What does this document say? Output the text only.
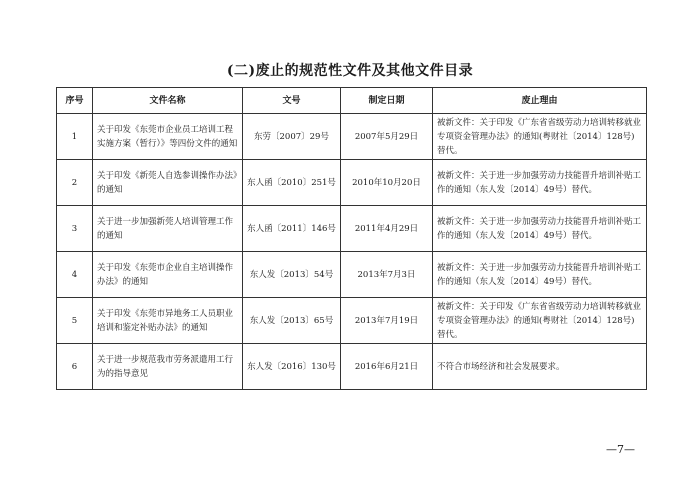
(二)废止的规范性文件及其他文件目录
序号	文件名称	文号	制定日期	废止理由
1	关于印发《东莞市企业员工培训工程实施方案（暂行）》等四份文件的通知	东劳〔2007〕29号	2007年5月29日	被新文件：关于印发《广东省省级劳动力培训转移就业专项资金管理办法》的通知(粤财社〔2014〕128号)替代。
2	关于印发《新莞人自选参训操作办法》的通知	东人函〔2010〕251号	2010年10月20日	被新文件：关于进一步加强劳动力技能晋升培训补贴工作的通知（东人发〔2014〕49号）替代。
3	关于进一步加强新莞人培训管理工作的通知	东人函〔2011〕146号	2011年4月29日	被新文件：关于进一步加强劳动力技能晋升培训补贴工作的通知（东人发〔2014〕49号）替代。
4	关于印发《东莞市企业自主培训操作办法》的通知	东人发〔2013〕54号	2013年7月3日	被新文件：关于进一步加强劳动力技能晋升培训补贴工作的通知（东人发〔2014〕49号）替代。
5	关于印发《东莞市异地务工人员职业培训和鉴定补贴办法》的通知	东人发〔2013〕65号	2013年7月19日	被新文件：关于印发《广东省省级劳动力培训转移就业专项资金管理办法》的通知(粤财社〔2014〕128号)替代。
6	关于进一步规范我市劳务派遣用工行为的指导意见	东人发〔2016〕130号	2016年6月21日	不符合市场经济和社会发展要求。
—7—
